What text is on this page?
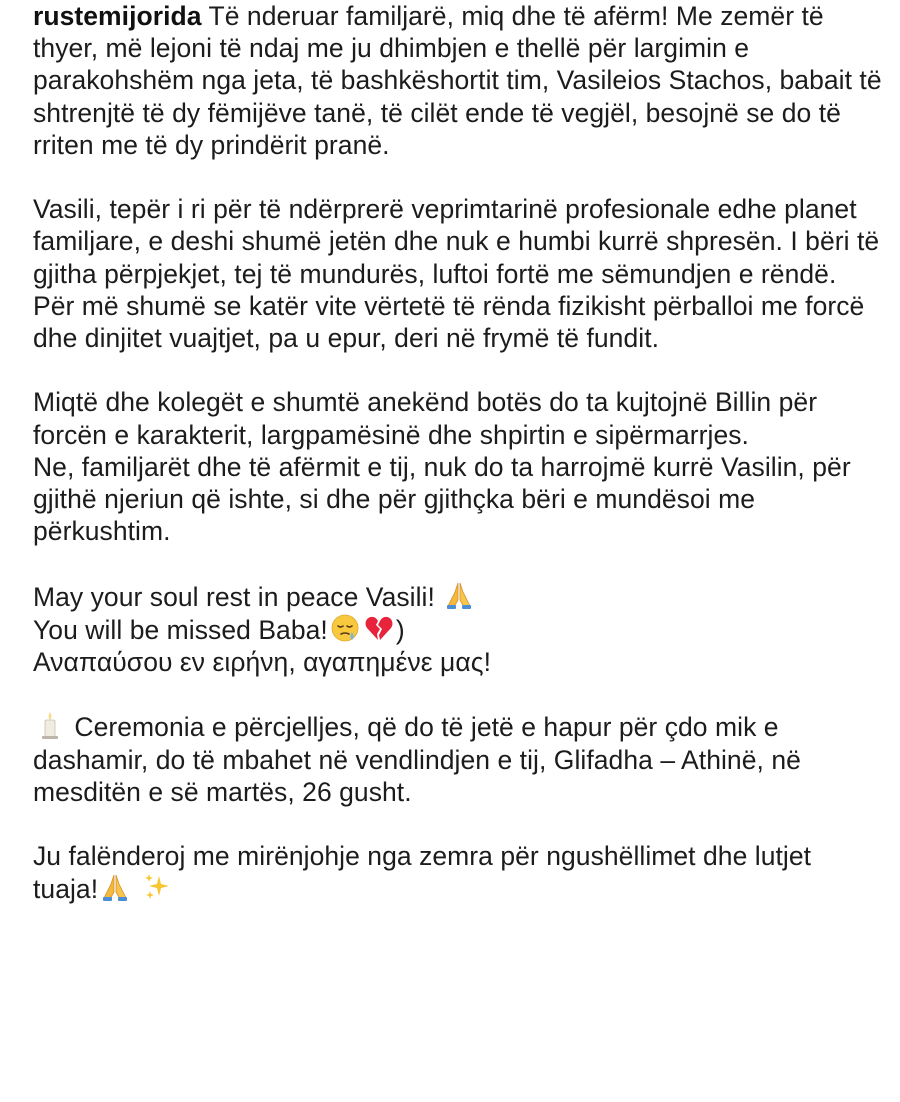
rustemijorida Të nderuar familjarë, miq dhe të afërm! Me zemër të thyer, më lejoni të ndaj me ju dhimbjen e thellë për largimin e parakohshëm nga jeta, të bashkëshortit tim, Vasileios Stachos, babait të shtrenjtë të dy fëmijëve tanë, të cilët ende të vegjël, besojnë se do të rriten me të dy prindërit pranë.

Vasili, tepër i ri për të ndërprerë veprimtarinë profesionale edhe planet familjare, e deshi shumë jetën dhe nuk e humbi kurrë shpresën. I bëri të gjitha përpjekjet, tej të mundurës, luftoi fortë me sëmundjen e rëndë. Për më shumë se katër vite vërtetë të rënda fizikisht përballoi me forcë dhe dinjitet vuajtjet, pa u epur, deri në frymë të fundit.

Miqtë dhe kolegët e shumtë anekënd botës do ta kujtojnë Billin për forcën e karakterit, largpamësinë dhe shpirtin e sipërmarrjes.

Ne, familjarët dhe të afërmit e tij, nuk do ta harrojmë kurrë Vasilin, për gjithë njeriun që ishte, si dhe për gjithçka bëri e mundësoi me përkushtim.

May your soul rest in peace Vasili!

You will be missed Baba!	)

Αναπαύσου εν ειρήνη, αγαπημένε μας!

Ceremonia e përcjelljes, që do të jetë e hapur për çdo mik e dashamir, do të mbahet në vendlindjen e tij, Glifadha – Athinë, në mesditën e së martës, 26 gusht.

Ju falënderoj me mirënjohje nga zemra për ngushëllimet dhe lutjet tuaja!
